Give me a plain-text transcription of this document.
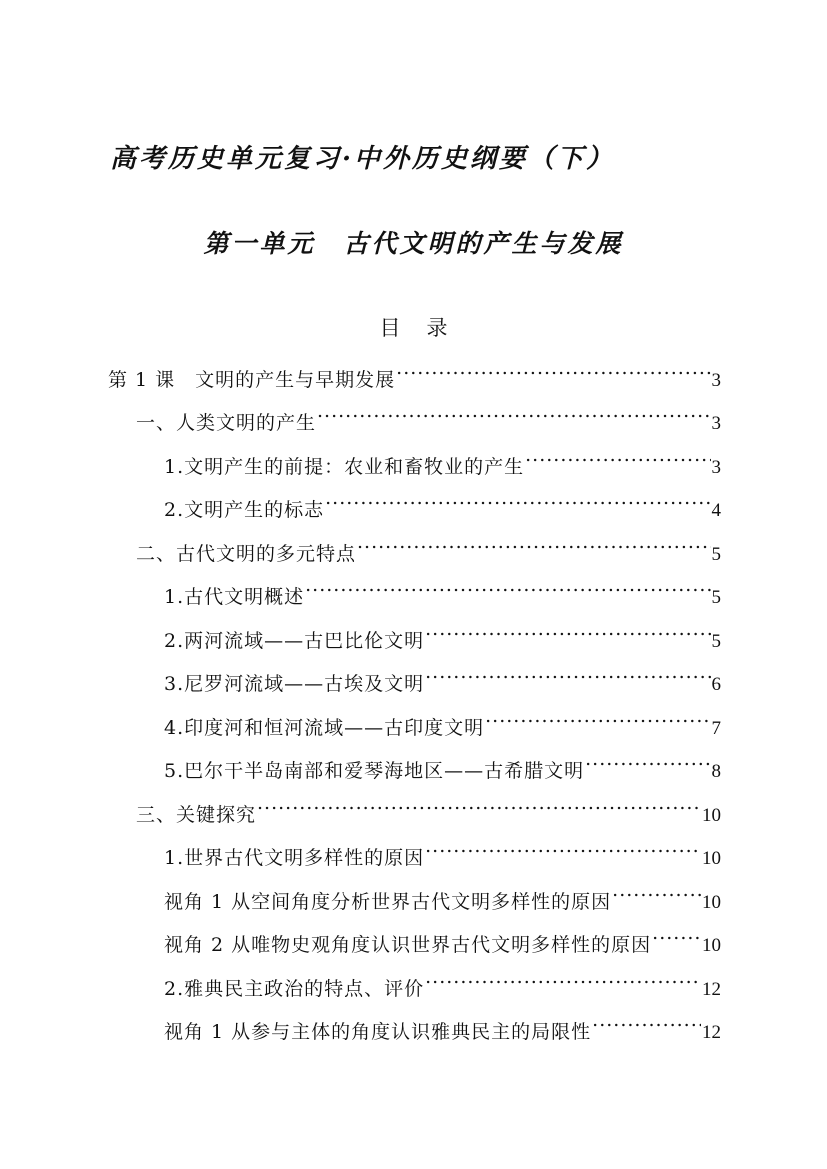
高考历史单元复习·中外历史纲要（下）
第一单元　古代文明的产生与发展
目录
第 1 课　文明的产生与早期发展 .....	3
一、人类文明的产生 .....	3
1.文明产生的前提：农业和畜牧业的产生 .....	3
2.文明产生的标志 .....	4
二、古代文明的多元特点 .....	5
1.古代文明概述 .....	5
2.两河流域——古巴比伦文明 .....	5
3.尼罗河流域——古埃及文明 .....	6
4.印度河和恒河流域——古印度文明 .....	7
5.巴尔干半岛南部和爱琴海地区——古希腊文明 .....	8
三、关键探究 .....	10
1.世界古代文明多样性的原因 .....	10
视角 1 从空间角度分析世界古代文明多样性的原因 .....	10
视角 2 从唯物史观角度认识世界古代文明多样性的原因 .....	10
2.雅典民主政治的特点、评价 .....	12
视角 1 从参与主体的角度认识雅典民主的局限性 .....	12
